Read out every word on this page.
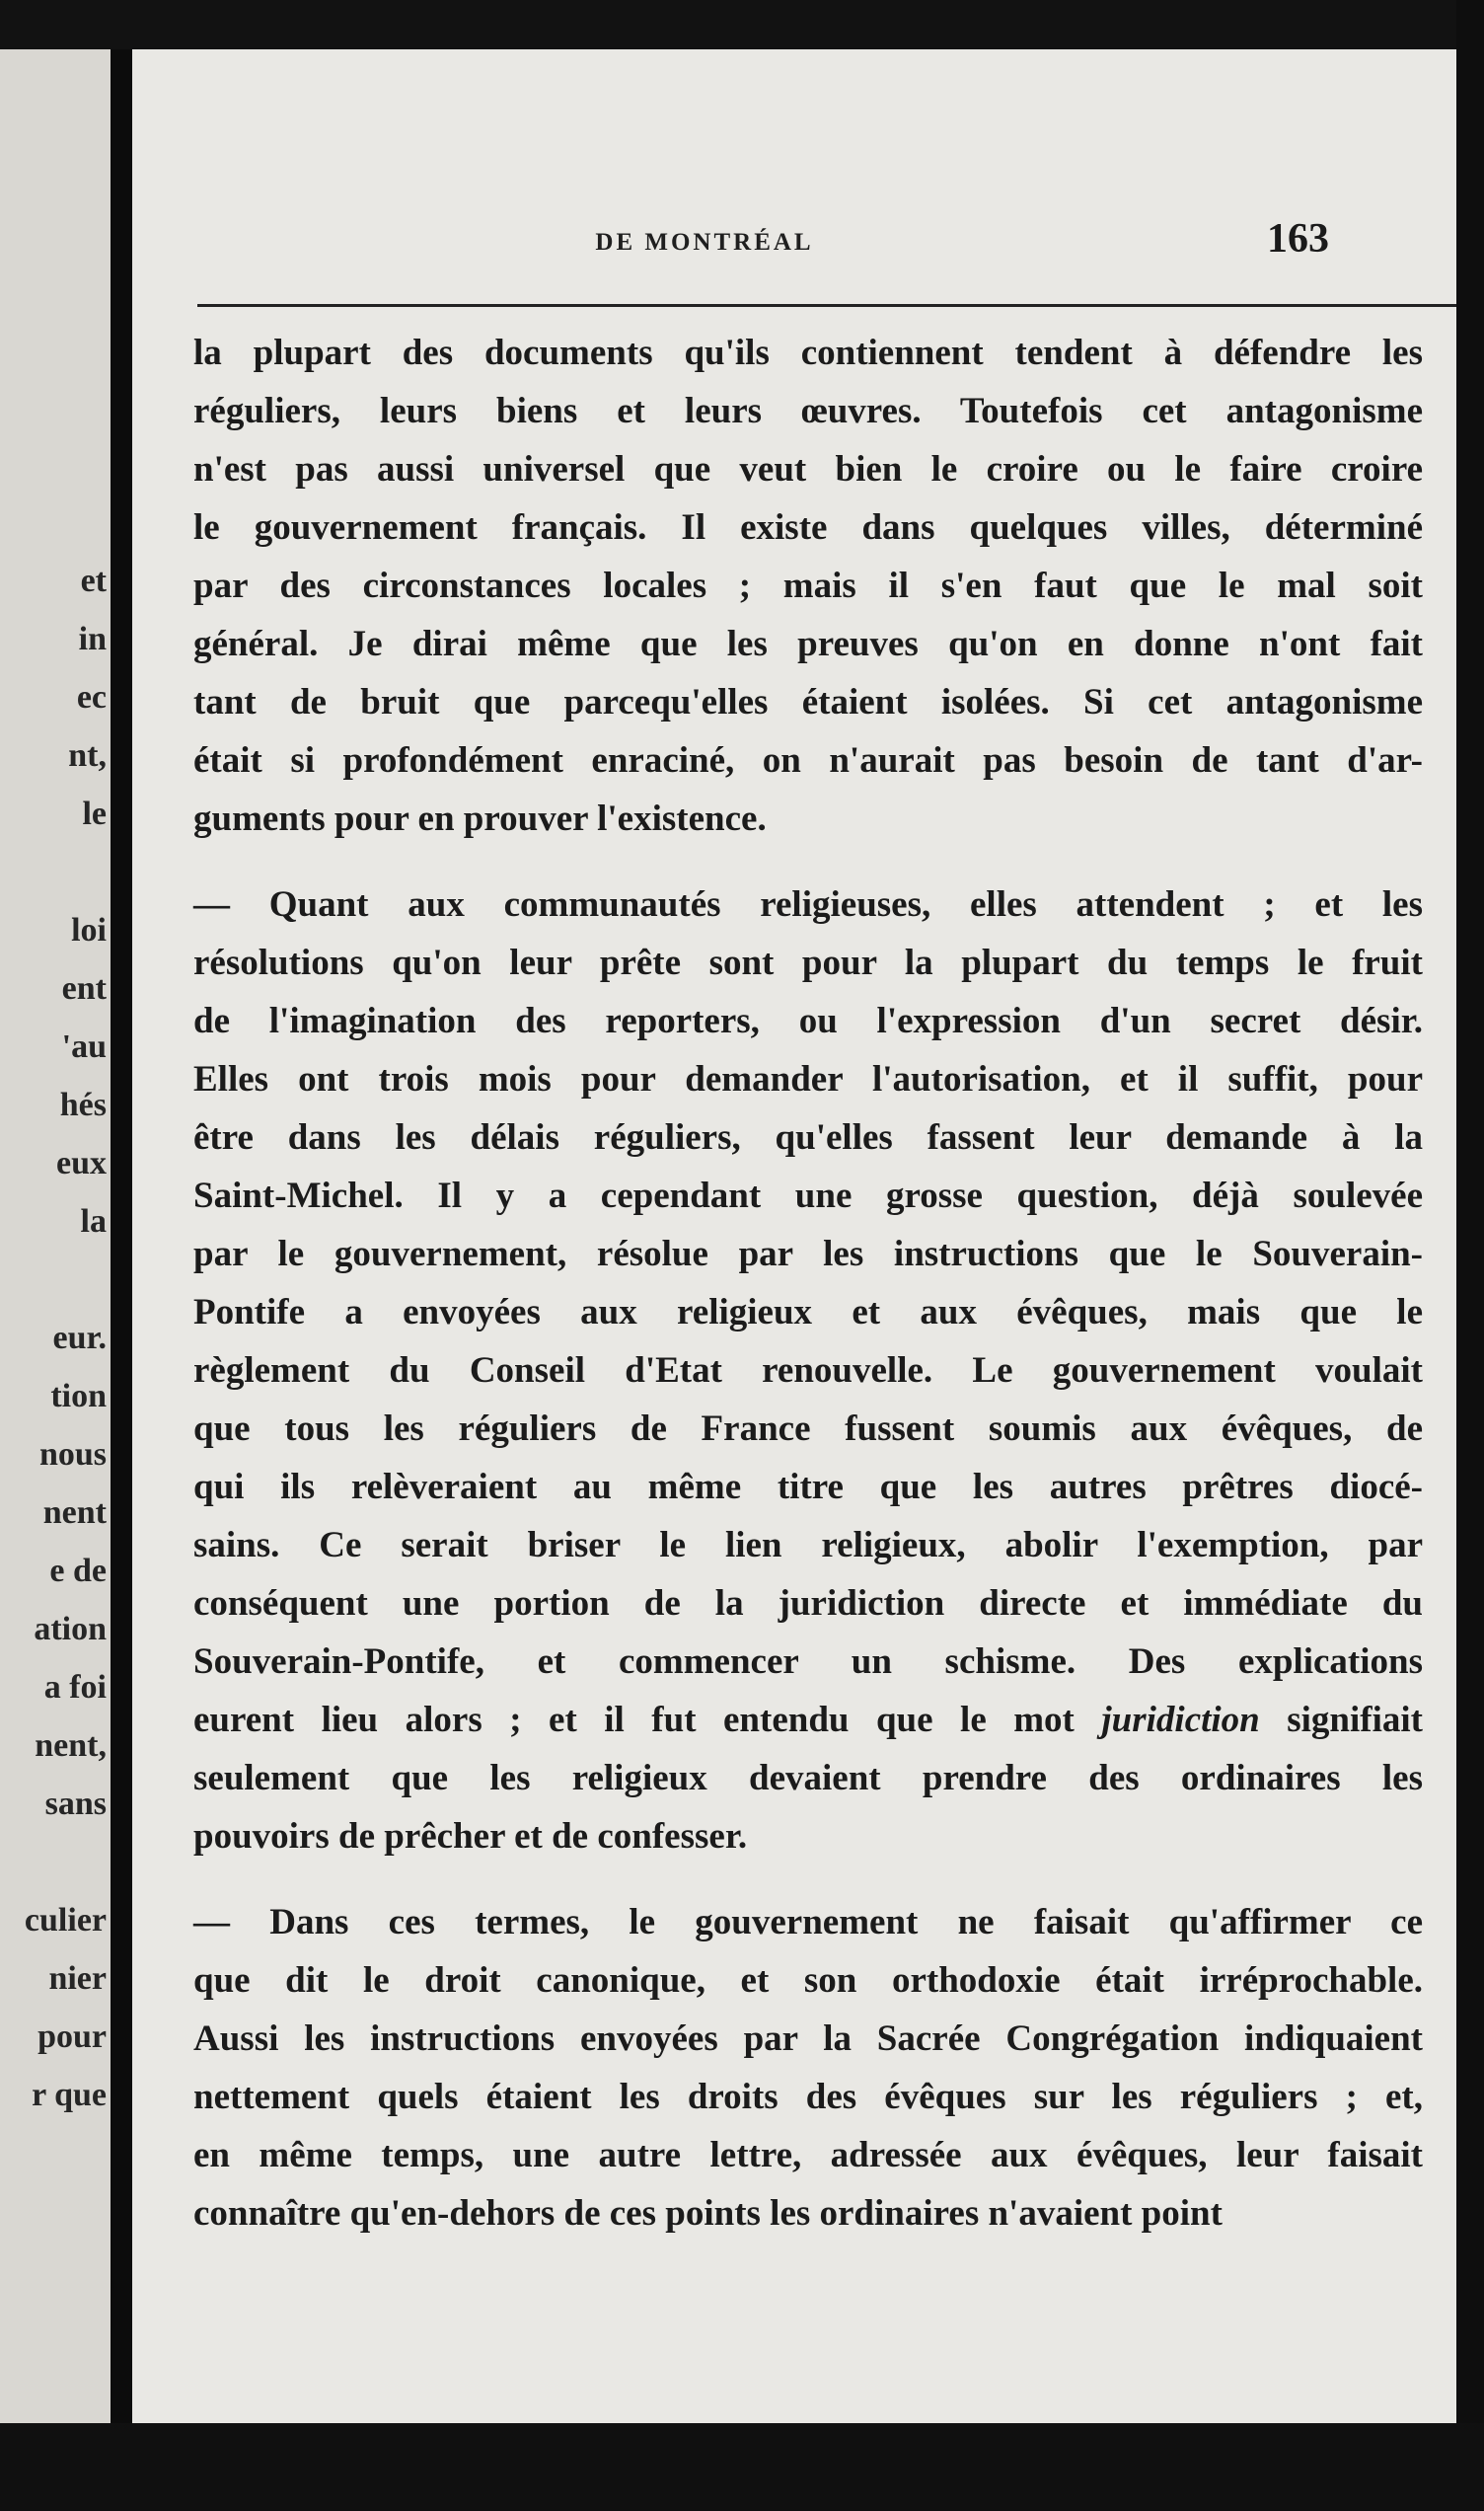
et
in
ec
nt,
le
loi
ent
'au
hés
eux
la
eur.
tion
nous
nent
e de
ation
a foi
nent,
sans
culier
nier
pour
r que
DE MONTRÉAL	163
la plupart des documents qu'ils contiennent tendent à défendre les
réguliers, leurs biens et leurs œuvres. Toutefois cet antagonisme
n'est pas aussi universel que veut bien le croire ou le faire croire
le gouvernement français. Il existe dans quelques villes, déterminé
par des circonstances locales ; mais il s'en faut que le mal soit
général. Je dirai même que les preuves qu'on en donne n'ont fait
tant de bruit que parcequ'elles étaient isolées. Si cet antagonisme
était si profondément enraciné, on n'aurait pas besoin de tant d'ar-
guments pour en prouver l'existence.
— Quant aux communautés religieuses, elles attendent ; et les
résolutions qu'on leur prête sont pour la plupart du temps le fruit
de l'imagination des reporters, ou l'expression d'un secret désir.
Elles ont trois mois pour demander l'autorisation, et il suffit, pour
être dans les délais réguliers, qu'elles fassent leur demande à la
Saint-Michel. Il y a cependant une grosse question, déjà soulevée
par le gouvernement, résolue par les instructions que le Souverain-
Pontife a envoyées aux religieux et aux évêques, mais que le
règlement du Conseil d'Etat renouvelle. Le gouvernement voulait
que tous les réguliers de France fussent soumis aux évêques, de
qui ils relèveraient au même titre que les autres prêtres diocé-
sains. Ce serait briser le lien religieux, abolir l'exemption, par
conséquent une portion de la juridiction directe et immédiate du
Souverain-Pontife, et commencer un schisme. Des explications
eurent lieu alors ; et il fut entendu que le mot juridiction signifiait
seulement que les religieux devaient prendre des ordinaires les
pouvoirs de prêcher et de confesser.
— Dans ces termes, le gouvernement ne faisait qu'affirmer ce
que dit le droit canonique, et son orthodoxie était irréprochable.
Aussi les instructions envoyées par la Sacrée Congrégation indiquaient
nettement quels étaient les droits des évêques sur les réguliers ; et,
en même temps, une autre lettre, adressée aux évêques, leur faisait
connaître qu'en-dehors de ces points les ordinaires n'avaient point
